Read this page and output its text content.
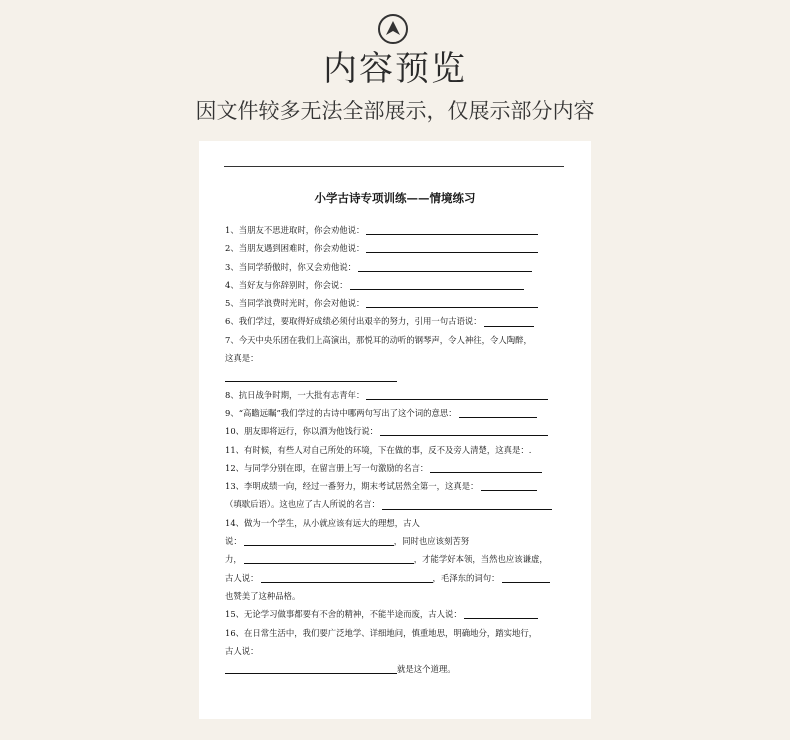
内容预览
因文件较多无法全部展示，仅展示部分内容
小学古诗专项训练——情境练习
1、当朋友不思进取时，你会劝他说：
2、当朋友遇到困难时，你会劝他说：
3、当同学骄傲时，你又会劝他说：
4、当好友与你辞别时，你会说：
5、当同学浪费时光时，你会对他说：
6、我们学过，要取得好成绩必须付出艰辛的努力，引用一句古语说：
7、今天中央乐团在我们上高演出，那悦耳的动听的钢琴声，令人神往，令人陶醉，
这真是：
8、抗日战争时期，一大批有志青年：
9、“高瞻远瞩”我们学过的古诗中哪两句写出了这个词的意思：
10、朋友即将远行，你以酒为他饯行说：
11、有时候，有些人对自己所处的环境，下在做的事，反不及旁人清楚，这真是： .
12、与同学分别在即，在留言册上写一句激励的名言：
13、李明成绩一向，经过一番努力，期末考试居然全第一，这真是：
（填歇后语）。这也应了古人所说的名言：
14、做为一个学生，从小就应该有远大的理想，古人
说：	，同时也应该刻苦努
力，	，才能学好本领，当然也应该谦虚，
古人说：	，毛泽东的词句：
也赞美了这种品格。
15、无论学习做事都要有不舍的精神，不能半途而废，古人说：
16、在日常生活中，我们要广泛地学、详细地问，慎重地思，明确地分，踏实地行，
古人说：
就是这个道理。
